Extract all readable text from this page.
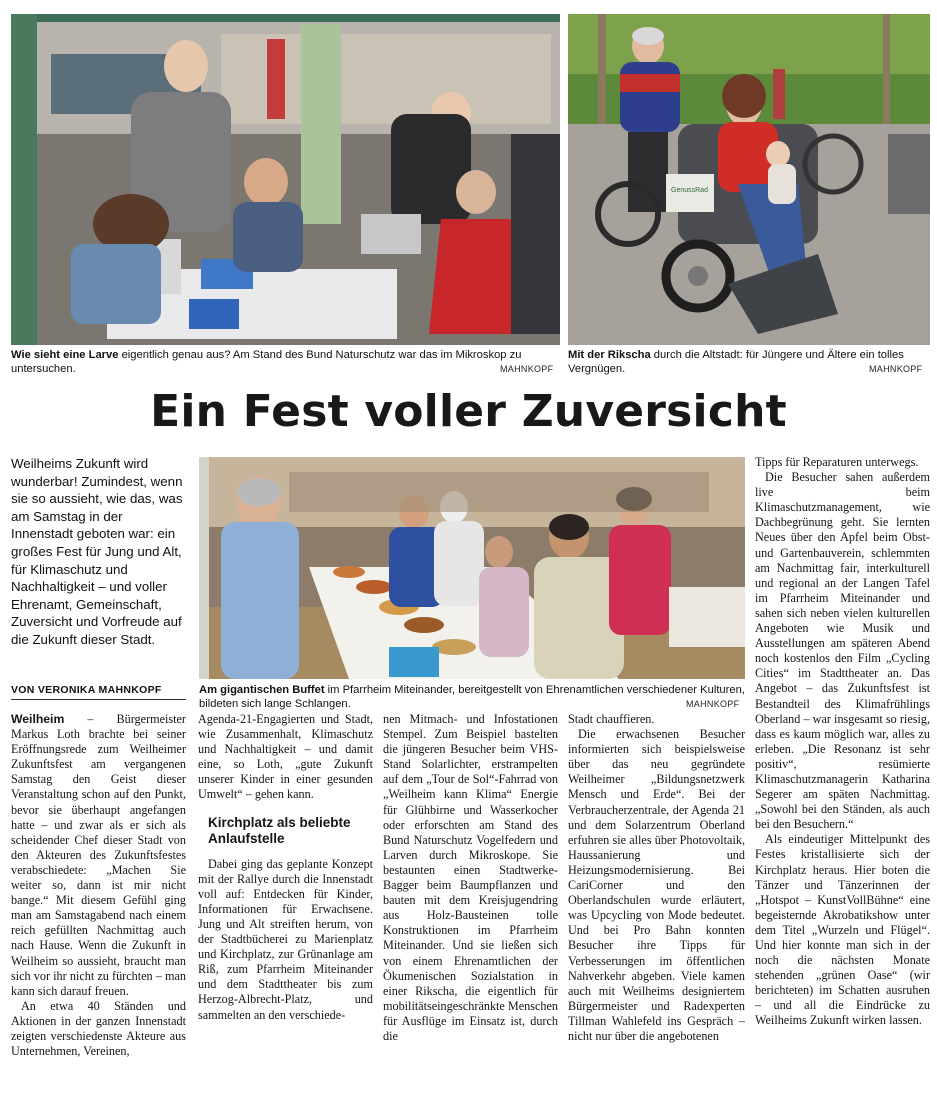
Wie sieht eine Larve eigentlich genau aus? Am Stand des Bund Naturschutz war das im Mikroskop zu untersuchen.	MAHNKOPF
GenussRad
Mit der Rikscha durch die Altstadt: für Jüngere und Ältere ein tolles Vergnügen.	MAHNKOPF
Ein Fest voller Zuversicht
Weilheims Zukunft wird wunderbar! Zumindest, wenn sie so aussieht, wie das, was am Samstag in der Innenstadt geboten war: ein großes Fest für Jung und Alt, für Klimaschutz und Nachhaltigkeit – und voller Ehrenamt, Gemeinschaft, Zuversicht und Vorfreude auf die Zukunft dieser Stadt.
VON VERONIKA MAHNKOPF	Am gigantischen Buffet im Pfarrheim Miteinander, bereitgestellt von Ehrenamtlichen verschiedener Kulturen, bildeten sich lange Schlangen.	MAHNKOPF

Weilheim – Bürgermeister Markus Loth brachte bei seiner Eröffnungsrede zum Weilheimer Zukunftsfest am vergangenen Samstag den Geist dieser Veranstaltung schon auf den Punkt, bevor sie überhaupt angefangen hatte – und zwar als er sich als scheidender Chef dieser Stadt von den Akteuren des Zukunftsfestes verabschiedete: „Machen Sie weiter so, dann ist mir nicht bange.“ Mit diesem Gefühl ging man am Samstagabend nach einem reich gefüllten Nachmittag auch nach Hause. Wenn die Zukunft in Weilheim so aussieht, braucht man sich vor ihr nicht zu fürchten – man kann sich darauf freuen.

An etwa 40 Ständen und Aktionen in der ganzen Innenstadt zeigten verschiedenste Akteure aus Unternehmen, Vereinen,

Agenda-21-Engagierten und Stadt, wie Zusammenhalt, Klimaschutz und Nachhaltigkeit – und damit eine, so Loth, „gute Zukunft unserer Kinder in einer gesunden Umwelt“ – gehen kann.

Kirchplatz als beliebte Anlaufstelle

Dabei ging das geplante Konzept mit der Rallye durch die Innenstadt voll auf: Entdecken für Kinder, Informationen für Erwachsene. Jung und Alt streiften herum, von der Stadtbücherei zu Marienplatz und Kirchplatz, zur Grünanlage am Riß, zum Pfarrheim Miteinander und dem Stadttheater bis zum Herzog-Albrecht-Platz, und sammelten an den verschiede-

nen Mitmach- und Infostationen Stempel. Zum Beispiel bastelten die jüngeren Besucher beim VHS-Stand Solarlichter, erstrampelten auf dem „Tour de Sol“-Fahrrad von „Weilheim kann Klima“ Energie für Glühbirne und Wasserkocher oder erforschten am Stand des Bund Naturschutz Vogelfedern und Larven durch Mikroskope. Sie bestaunten einen Stadtwerke-Bagger beim Baumpflanzen und bauten mit dem Kreisjugendring aus Holz-Bausteinen tolle Konstruktionen im Pfarrheim Miteinander. Und sie ließen sich von einem Ehrenamtlichen der Ökumenischen Sozialstation in einer Rikscha, die eigentlich für mobilitätseingeschränkte Menschen für Ausflüge im Einsatz ist, durch die

Stadt chauffieren.

Die erwachsenen Besucher informierten sich beispielsweise über das neu gegründete Weilheimer „Bildungsnetzwerk Mensch und Erde“. Bei der Verbraucherzentrale, der Agenda 21 und dem Solarzentrum Oberland erfuhren sie alles über Photovoltaik, Haussanierung und Heizungsmodernisierung. Bei CariCorner und den Oberlandschulen wurde erläutert, was Upcycling von Mode bedeutet. Und bei Pro Bahn konnten Besucher ihre Tipps für Verbesserungen im öffentlichen Nahverkehr abgeben. Viele kamen auch mit Weilheims designiertem Bürgermeister und Radexperten Tillman Wahlefeld ins Gespräch – nicht nur über die angebotenen

Tipps für Reparaturen unterwegs.

Die Besucher sahen außerdem live beim Klimaschutzmanagement, wie Dachbegrünung geht. Sie lernten Neues über den Apfel beim Obst- und Gartenbauverein, schlemmten am Nachmittag fair, interkulturell und regional an der Langen Tafel im Pfarrheim Miteinander und sahen sich neben vielen kulturellen Angeboten wie Musik und Ausstellungen am späteren Abend noch kostenlos den Film „Cycling Cities“ im Stadttheater an. Das Angebot – das Zukunftsfest ist Bestandteil des Klimafrühlings Oberland – war insgesamt so riesig, dass es kaum möglich war, alles zu erleben. „Die Resonanz ist sehr positiv“, resümierte Klimaschutzmanagerin Katharina Segerer am späten Nachmittag. „Sowohl bei den Ständen, als auch bei den Besuchern.“

Als eindeutiger Mittelpunkt des Festes kristallisierte sich der Kirchplatz heraus. Hier boten die Tänzer und Tänzerinnen der „Hotspot – KunstVollBühne“ eine begeisternde Akrobatikshow unter dem Titel „Wurzeln und Flügel“. Und hier konnte man sich in der noch die nächsten Monate stehenden „grünen Oase“ (wir berichteten) im Schatten ausruhen – und all die Eindrücke zu Weilheims Zukunft wirken lassen.
